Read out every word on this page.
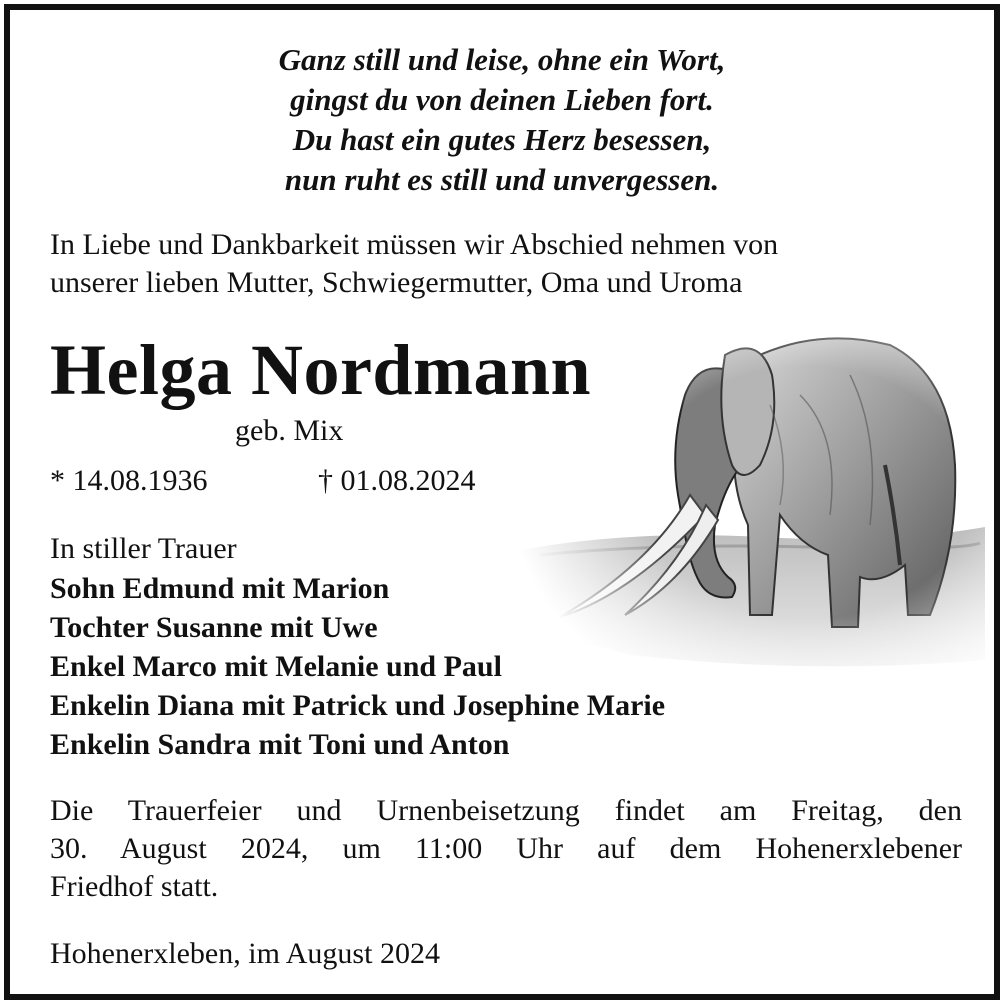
Ganz still und leise, ohne ein Wort,
gingst du von deinen Lieben fort.
Du hast ein gutes Herz besessen,
nun ruht es still und unvergessen.
In Liebe und Dankbarkeit müssen wir Abschied nehmen von
unserer lieben Mutter, Schwiegermutter, Oma und Uroma
Helga Nordmann
geb. Mix
* 14.08.1936	† 01.08.2024
In stiller Trauer
Sohn Edmund mit Marion
Tochter Susanne mit Uwe
Enkel Marco mit Melanie und Paul
Enkelin Diana mit Patrick und Josephine Marie
Enkelin Sandra mit Toni und Anton
Die Trauerfeier und Urnenbeisetzung findet am Freitag, den
30. August 2024, um 11:00 Uhr auf dem Hohenerxlebener
Friedhof statt.
Hohenerxleben, im August 2024
